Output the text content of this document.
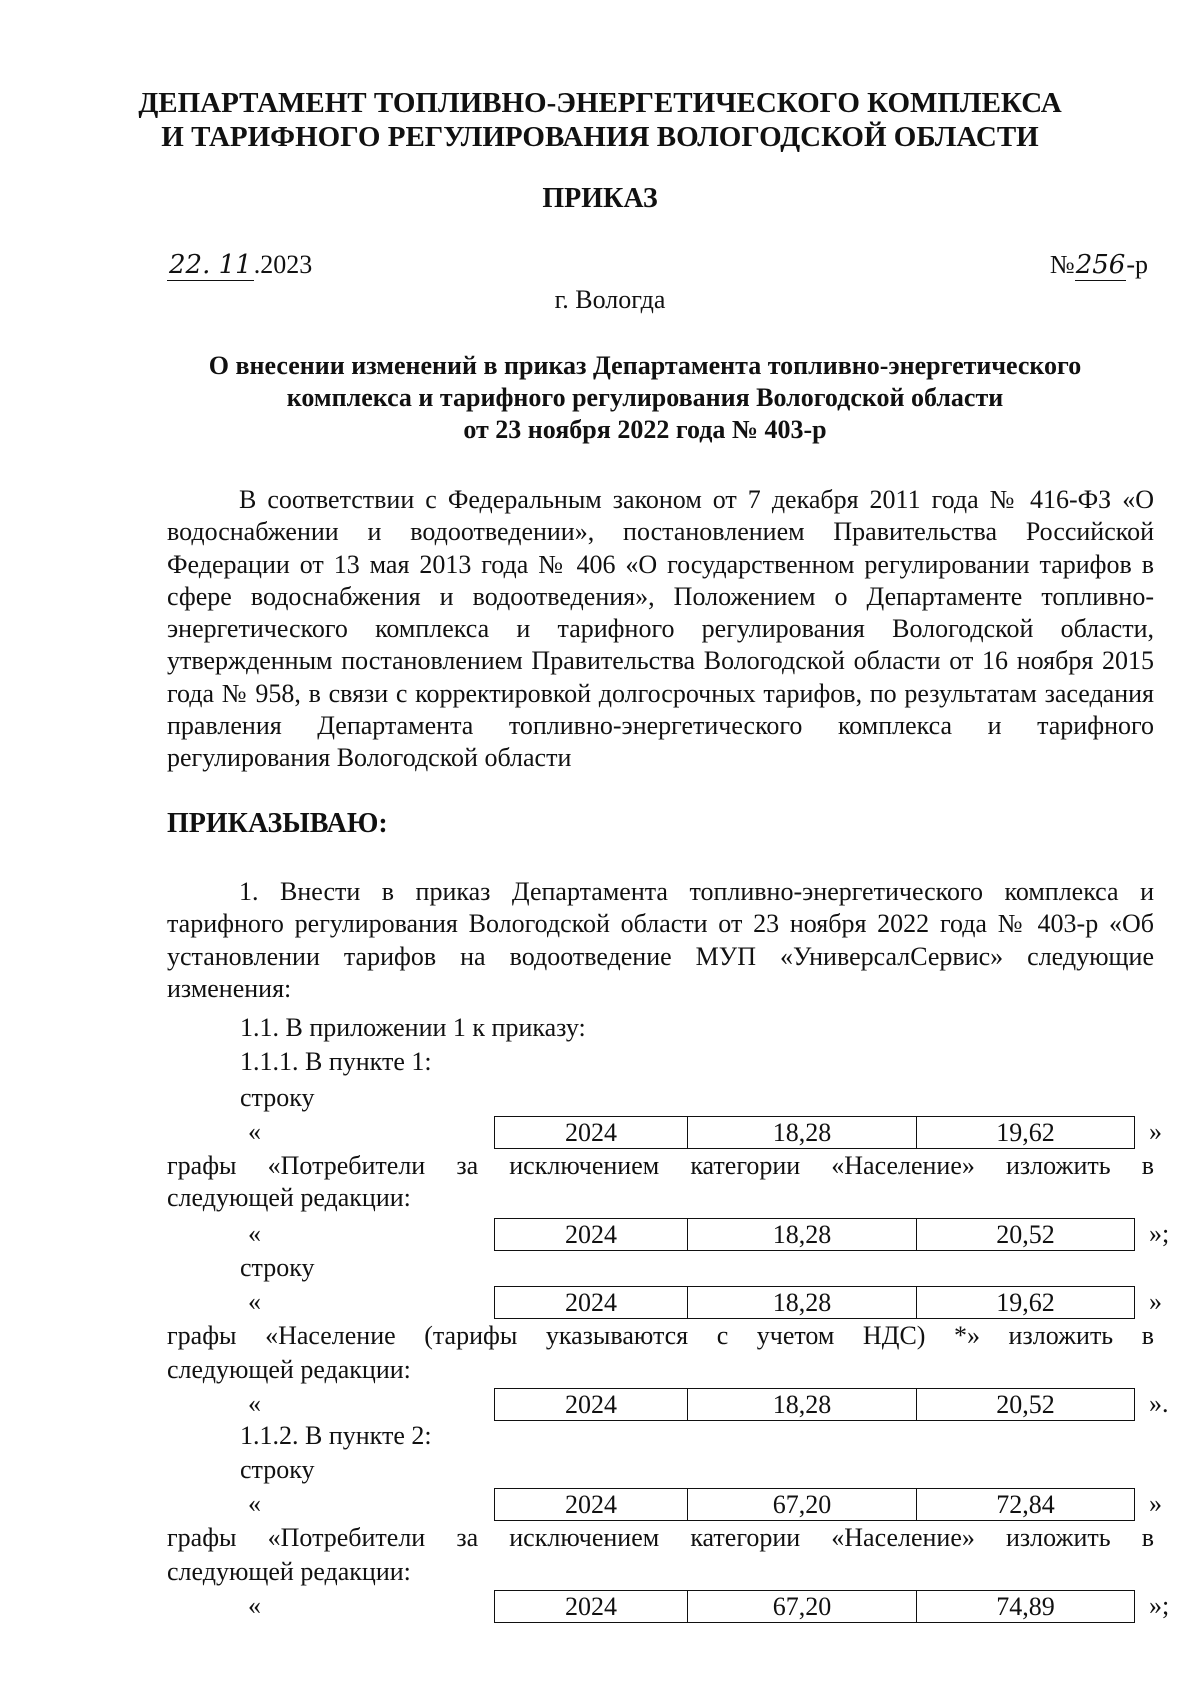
ДЕПАРТАМЕНТ ТОПЛИВНО-ЭНЕРГЕТИЧЕСКОГО КОМПЛЕКСА
И ТАРИФНОГО РЕГУЛИРОВАНИЯ ВОЛОГОДСКОЙ ОБЛАСТИ
ПРИКАЗ
22. 11.2023	№256-р
г. Вологда
О внесении изменений в приказ Департамента топливно-энергетического
комплекса и тарифного регулирования Вологодской области
от 23 ноября 2022 года № 403-р
В соответствии с Федеральным законом от 7 декабря 2011 года № 416-ФЗ «О водоснабжении и водоотведении», постановлением Правительства Российской Федерации от 13 мая 2013 года № 406 «О государственном регулировании тарифов в сфере водоснабжения и водоотведения», Положением о Департаменте топливно-энергетического комплекса и тарифного регулирования Вологодской области, утвержденным постановлением Правительства Вологодской области от 16 ноября 2015 года № 958, в связи с корректировкой долгосрочных тарифов, по результатам заседания правления Департамента топливно-энергетического комплекса и тарифного регулирования Вологодской области
ПРИКАЗЫВАЮ:
1. Внести в приказ Департамента топливно-энергетического комплекса и тарифного регулирования Вологодской области от 23 ноября 2022 года № 403-р «Об установлении тарифов на водоотведение МУП «УниверсалСервис» следующие изменения:
1.1. В приложении 1 к приказу:
1.1.1. В пункте 1:
строку
«	2024	18,28	19,62	»
графы «Потребители за исключением категории «Население» изложить в
следующей редакции:
«	2024	18,28	20,52	»;
строку
«	2024	18,28	19,62	»
графы «Население (тарифы указываются с учетом НДС) *» изложить в
следующей редакции:
«	2024	18,28	20,52	».
1.1.2. В пункте 2:
строку
«	2024	67,20	72,84	»
графы «Потребители за исключением категории «Население» изложить в
следующей редакции:
«	2024	67,20	74,89	»;
